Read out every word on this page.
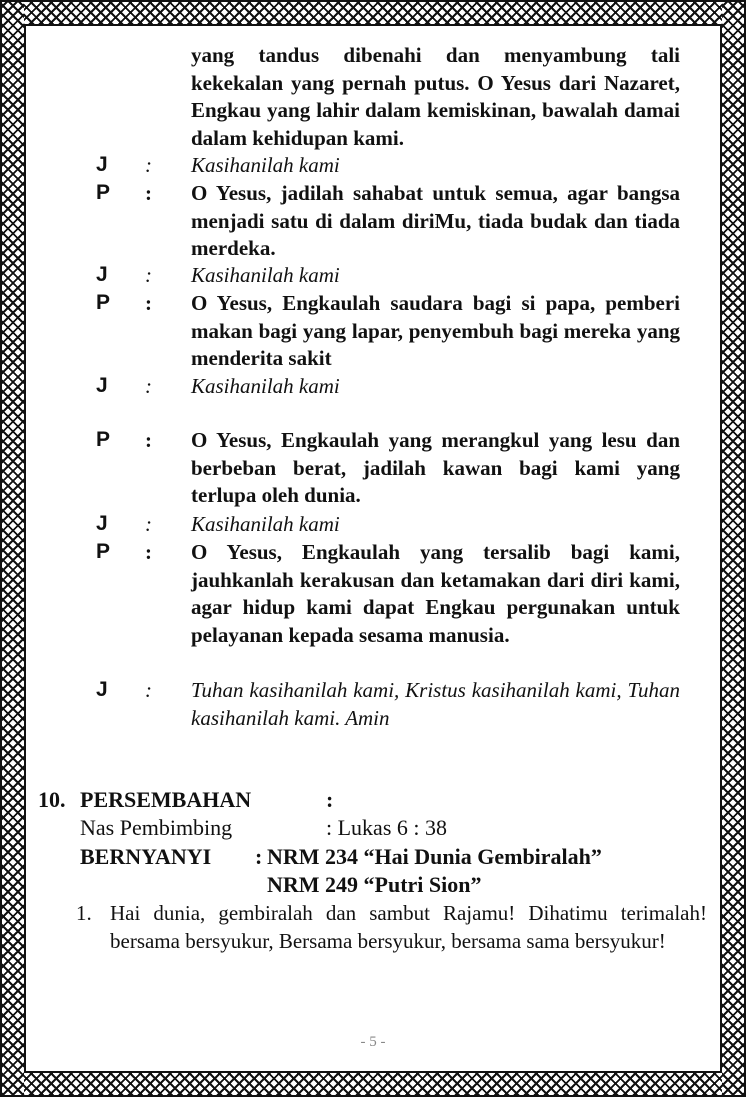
yang tandus dibenahi dan menyambung tali kekekalan yang pernah putus. O Yesus dari Nazaret, Engkau yang lahir dalam kemiskinan, bawalah damai dalam kehidupan kami.
J : Kasihanilah kami
P : O Yesus, jadilah sahabat untuk semua, agar bangsa menjadi satu di dalam diriMu, tiada budak dan tiada merdeka.
J : Kasihanilah kami
P : O Yesus, Engkaulah saudara bagi si papa, pemberi makan bagi yang lapar, penyembuh bagi mereka yang menderita sakit
J : Kasihanilah kami
P : O Yesus, Engkaulah yang merangkul yang lesu dan berbeban berat, jadilah kawan bagi kami yang terlupa oleh dunia.
J : Kasihanilah kami
P : O Yesus, Engkaulah yang tersalib bagi kami, jauhkanlah kerakusan dan ketamakan dari diri kami, agar hidup kami dapat Engkau pergunakan untuk pelayanan kepada sesama manusia.
J : Tuhan kasihanilah kami, Kristus kasihanilah kami, Tuhan kasihanilah kami. Amin
10. PERSEMBAHAN	:
Nas Pembimbing	: Lukas 6 : 38
BERNYANYI : NRM 234 “Hai Dunia Gembiralah”
NRM 249 “Putri Sion”
1. Hai dunia, gembiralah dan sambut Rajamu! Dihatimu terimalah! bersama bersyukur, Bersama bersyukur, bersama sama bersyukur!
- 5 -
